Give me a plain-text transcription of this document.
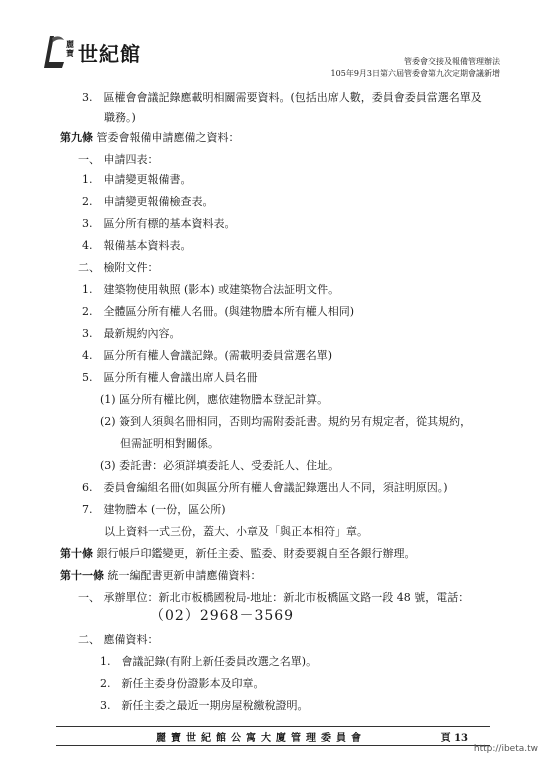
麗寶 世紀館	管委會交接及報備管理辦法
105年9月3日第六屆管委會第九次定期會議新增
3.　區權會會議記錄應載明相關需要資料。(包括出席人數，委員會委員當選名單及
職務。)
第九條 管委會報備申請應備之資料：
一、 申請四表：
1.　申請變更報備書。
2.　申請變更報備檢查表。
3.　區分所有標的基本資料表。
4.　報備基本資料表。
二、 檢附文件：
1.　建築物使用執照 (影本) 或建築物合法証明文件。
2.　全體區分所有權人名冊。(與建物謄本所有權人相同)
3.　最新規約內容。
4.　區分所有權人會議記錄。(需載明委員當選名單)
5.　區分所有權人會議出席人員名冊
(1) 區分所有權比例，應依建物謄本登記計算。
(2) 簽到人須與名冊相同，否則均需附委託書。規約另有規定者，從其規約，
但需証明相對關係。
(3) 委託書：必須詳填委託人、受委託人、住址。
6.　委員會編組名冊(如與區分所有權人會議記錄選出人不同，須註明原因。)
7.　建物謄本 (一份，區公所)
以上資料一式三份，蓋大、小章及「與正本相符」章。
第十條 銀行帳戶印鑑變更，新任主委、監委、財委要親自至各銀行辦理。
第十一條 統一編配書更新申請應備資料：
一、 承辦單位：新北市板橋國稅局-地址：新北市板橋區文路一段 48 號，電話：
（02）2968－3569
二、 應備資料：
1.　會議記錄(有附上新任委員改選之名單)。
2.　新任主委身份證影本及印章。
3.　新任主委之最近一期房屋稅繳稅證明。
麗寶世紀館公寓大廈管理委員會	頁 13
http://ibeta.tw
